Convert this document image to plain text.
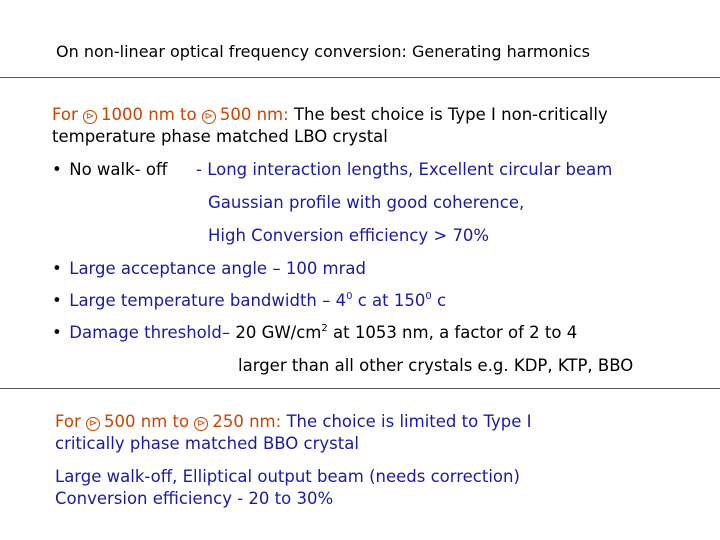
On non-linear optical frequency conversion: Generating harmonics
For ⊳ 1000 nm to ⊳ 500 nm: The best choice is Type I non-critically
temperature phase matched LBO crystal
• No walk- off - Long interaction lengths, Excellent circular beam
Gaussian profile with good coherence,
High Conversion efficiency > 70%
• Large acceptance angle – 100 mrad
• Large temperature bandwidth – $4^0$ c at $150^0$ c
• Damage threshold– 20 $GW/cm^2$ at 1053 nm, a factor of 2 to 4
larger than all other crystals e.g. KDP, KTP, BBO
For ⊳ 500 nm to ⊳ 250 nm: The choice is limited to Type I
critically phase matched BBO crystal
Large walk-off, Elliptical output beam (needs correction)
Conversion efficiency - 20 to 30%
